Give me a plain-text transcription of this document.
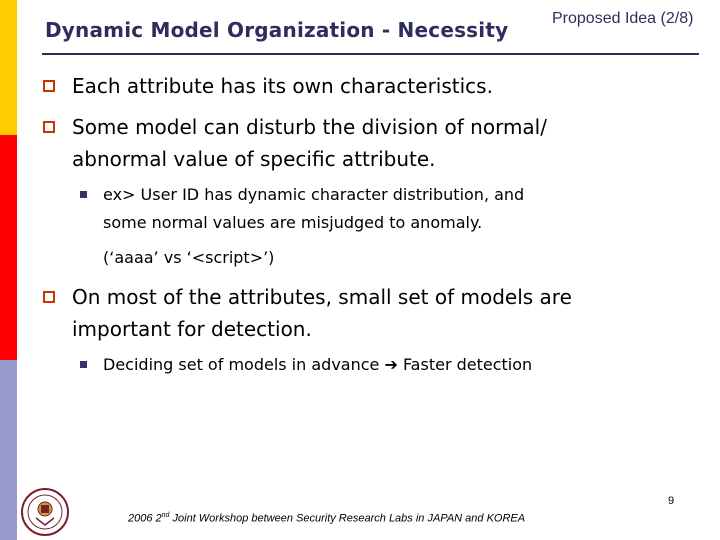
Dynamic Model Organization - Necessity	Proposed Idea (2/8)
Each attribute has its own characteristics.
Some model can disturb the division of normal/
abnormal value of specific attribute.
ex> User ID has dynamic character distribution, and
some normal values are misjudged to anomaly.
(‘aaaa’ vs ‘<script>’)
On most of the attributes, small set of models are
important for detection.
Deciding set of models in advance ➔ Faster detection
9
2006 2nd Joint Workshop between Security Research Labs in JAPAN and KOREA
